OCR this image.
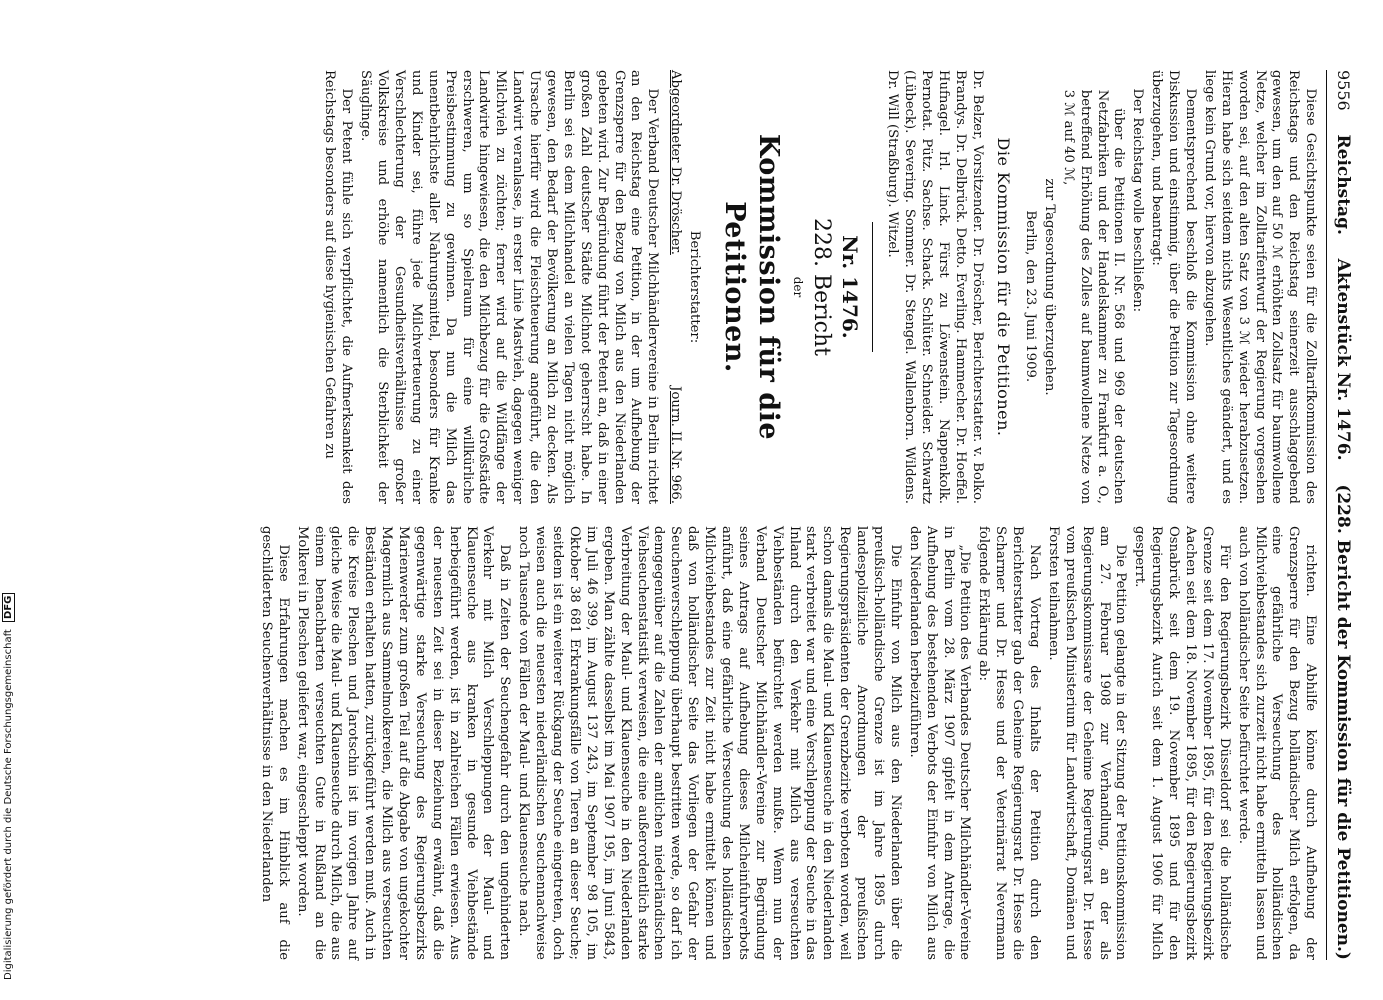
Digitalisierung gefördert durch die Deutsche Forschungsgemeinschaft DFG
9556
Reichstag.
Aktenstück Nr. 1476.
(228. Bericht der Kommission für die Petitionen.)

Diese Gesichtspunkte seien für die Zolltarifkommission des Reichstags und den Reichstag seinerzeit ausschlaggebend gewesen, um den auf 50 ℳ erhöhten Zollsatz für baumwollene Netze, welcher im Zolltarifentwurf der Regierung vorgesehen worden sei, auf den alten Satz von 3 ℳ wieder herabzusetzen. Hieran habe sich seitdem nichts Wesentliches geändert, und es liege kein Grund vor, hiervon abzugehen.

Dementsprechend beschloß die Kommission ohne weitere Diskussion und einstimmig, über die Petition zur Tagesordnung überzugehen, und beantragt:

Der Reichstag wolle beschließen:

über die Petitionen II. Nr. 568 und 969 der deutschen Netzfabriken und der Handelskammer zu Frankfurt a. O., betreffend Erhöhung des Zolles auf baumwollene Netze von 3 ℳ auf 40 ℳ,

zur Tagesordnung überzugehen.

Berlin, den 23. Juni 1909.

Die Kommission für die Petitionen.

Dr. Belzer, Vorsitzender. Dr. Dröscher, Berichterstatter. v. Bolko. Brandys. Dr. Delbrück. Detto. Everling. Hammecher. Dr. Hoeffel. Hufnagel. Irl. Linck. Fürst zu Löwenstein. Nappenkolk. Pernotat. Pütz. Sachse. Schack. Schlüter. Schneider. Schwartz (Lübeck). Severing. Sommer. Dr. Stengel. Wallenborn. Wildens. Dr. Will (Straßburg). Witzel.

Nr. 1476.
228. Bericht
der
Kommission für die Petitionen.

Berichterstatter:

Abgeordneter Dr. Dröscher.
Journ. II. Nr. 966.

Der Verband Deutscher Milchhändlervereine in Berlin richtet an den Reichstag eine Petition, in der um Aufhebung der Grenzsperre für den Bezug von Milch aus den Niederlanden gebeten wird. Zur Begründung führt der Petent an, daß in einer großen Zahl deutscher Städte Milchnot geherrscht habe. In Berlin sei es dem Milchhandel an vielen Tagen nicht möglich gewesen, den Bedarf der Bevölkerung an Milch zu decken. Als Ursache hierfür wird die Fleischteuerung angeführt, die den Landwirt veranlasse, in erster Linie Mastvieh, dagegen weniger Milchvieh zu züchten; ferner wird auf die Wildfänge der Landwirte hingewiesen, die den Milchbezug für die Großstädte erschweren, um so Spielraum für eine willkürliche Preisbestimmung zu gewinnen. Da nun die Milch das unentbehrlichste aller Nahrungsmittel, besonders für Kranke und Kinder sei, führe jede Milchverteuerung zu einer Verschlechterung der Gesundheitsverhältnisse großer Volkskreise und erhöhe namentlich die Sterblichkeit der Säuglinge.

Der Petent fühle sich verpflichtet, die Aufmerksamkeit des Reichstags besonders auf diese hygienischen Gefahren zu

richten. Eine Abhilfe könne durch Aufhebung der Grenzsperre für den Bezug holländischer Milch erfolgen, da eine gefährliche Verseuchung des holländischen Milchviehbestandes sich zurzeit nicht habe ermitteln lassen und auch von holländischer Seite befürchtet werde.

Für den Regierungsbezirk Düsseldorf sei die holländische Grenze seit dem 17. November 1895, für den Regierungsbezirk Aachen seit dem 18. November 1895, für den Regierungsbezirk Osnabrück seit dem 19. November 1895 und für den Regierungsbezirk Aurich seit dem 1. August 1906 für Milch gesperrt.

Die Petition gelangte in der Sitzung der Petitionskommission am 27. Februar 1908 zur Verhandlung, an der als Regierungskommissare der Geheime Regierungsrat Dr. Hesse vom preußischen Ministerium für Landwirtschaft, Domänen und Forsten teilnahmen.

Nach Vortrag des Inhalts der Petition durch den Berichterstatter gab der Geheime Regierungsrat Dr. Hesse die Scharmer und Dr. Hesse und der Veterinärrat Nevermann folgende Erklärung ab:

„Die Petition des Verbandes Deutscher Milchhändler-Vereine in Berlin vom 28. März 1907 gipfelt in dem Antrage, die Aufhebung des bestehenden Verbots der Einfuhr von Milch aus den Niederlanden herbeizuführen.

Die Einfuhr von Milch aus den Niederlanden über die preußisch-holländische Grenze ist im Jahre 1895 durch landespolizeiliche Anordnungen der preußischen Regierungspräsidenten der Grenzbezirke verboten worden, weil schon damals die Maul- und Klauenseuche in den Niederlanden stark verbreitet war und eine Verschleppung der Seuche in das Inland durch den Verkehr mit Milch aus verseuchten Viehbeständen befürchtet werden mußte. Wenn nun der Verband Deutscher Milchhändler-Vereine zur Begründung seines Antrags auf Aufhebung dieses Milcheinfuhrverbots anführt, daß eine gefährliche Verseuchung des holländischen Milchviehbestandes zur Zeit nicht habe ermittelt können und daß von holländischer Seite das Vorliegen der Gefahr der Seuchenverschleppung überhaupt bestritten werde, so darf ich demgegenüber auf die Zahlen der amtlichen niederländischen Viehseuchenstatistik verweisen, die eine außerordentlich starke Verbreitung der Maul- und Klauenseuche in den Niederlanden ergeben. Man zählte dasselbst im Mai 1907 195, im Juni 5843, im Juli 46 399, im August 137 243, im September 98 105, im Oktober 38 681 Erkrankungsfälle von Tieren an dieser Seuche; seitdem ist ein weiterer Rückgang der Seuche eingetreten, doch weisen auch die neuesten niederländischen Seuchennachweise noch Tausende von Fällen der Maul- und Klauenseuche nach.

Daß in Zeiten der Seuchengefahr durch den ungehinderten Verkehr mit Milch Verschleppungen der Maul- und Klauenseuche aus kranken in gesunde Viehbestände herbeigeführt werden, ist in zahlreichen Fällen erwiesen. Aus der neuesten Zeit sei in dieser Beziehung erwähnt, daß die gegenwärtige starke Verseuchung des Regierungsbezirks Marienwerder zum großen Teil auf die Abgabe von ungekochter Magermilch aus Sammelmolkereien, die Milch aus verseuchten Beständen erhalten hatten, zurückgeführt werden muß. Auch in die Kreise Pleschen und Jarotschin ist im vorigen Jahre auf gleiche Weise die Maul- und Klauenseuche durch Milch, die aus einem benachbarten verseuchten Gute in Rußland an die Molkerei in Pleschen geliefert war, eingeschleppt worden.

Diese Erfahrungen machen es im Hinblick auf die geschilderten Seuchenverhältnisse in den Niederlanden
